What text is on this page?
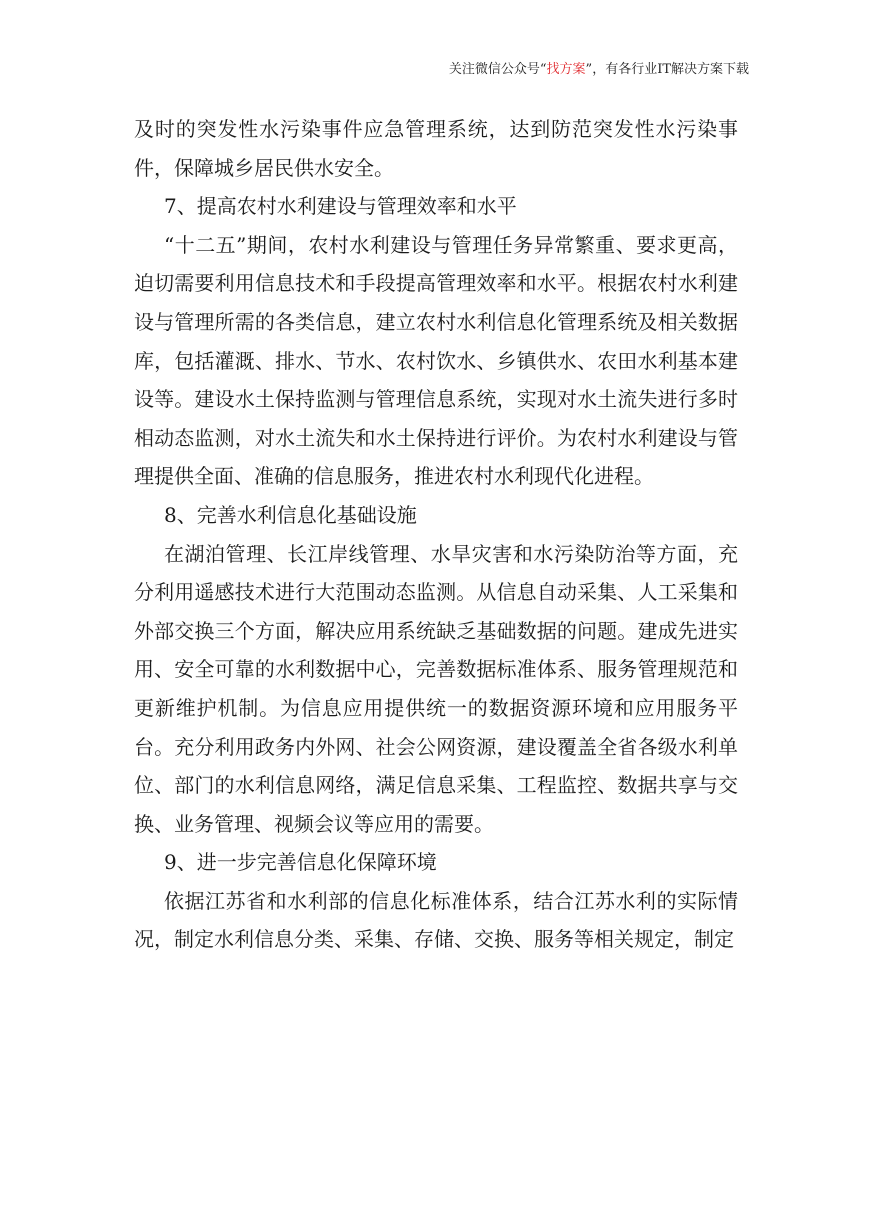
关注微信公众号“找方案”，有各行业IT解决方案下载

及时的突发性水污染事件应急管理系统，达到防范突发性水污染事件，保障城乡居民供水安全。

7、提高农村水利建设与管理效率和水平

“十二五”期间，农村水利建设与管理任务异常繁重、要求更高，迫切需要利用信息技术和手段提高管理效率和水平。根据农村水利建设与管理所需的各类信息，建立农村水利信息化管理系统及相关数据库，包括灌溉、排水、节水、农村饮水、乡镇供水、农田水利基本建设等。建设水土保持监测与管理信息系统，实现对水土流失进行多时相动态监测，对水土流失和水土保持进行评价。为农村水利建设与管理提供全面、准确的信息服务，推进农村水利现代化进程。

8、完善水利信息化基础设施

在湖泊管理、长江岸线管理、水旱灾害和水污染防治等方面，充分利用遥感技术进行大范围动态监测。从信息自动采集、人工采集和外部交换三个方面，解决应用系统缺乏基础数据的问题。建成先进实用、安全可靠的水利数据中心，完善数据标准体系、服务管理规范和更新维护机制。为信息应用提供统一的数据资源环境和应用服务平台。充分利用政务内外网、社会公网资源，建设覆盖全省各级水利单位、部门的水利信息网络，满足信息采集、工程监控、数据共享与交换、业务管理、视频会议等应用的需要。

9、进一步完善信息化保障环境

依据江苏省和水利部的信息化标准体系，结合江苏水利的实际情况，制定水利信息分类、采集、存储、交换、服务等相关规定，制定
